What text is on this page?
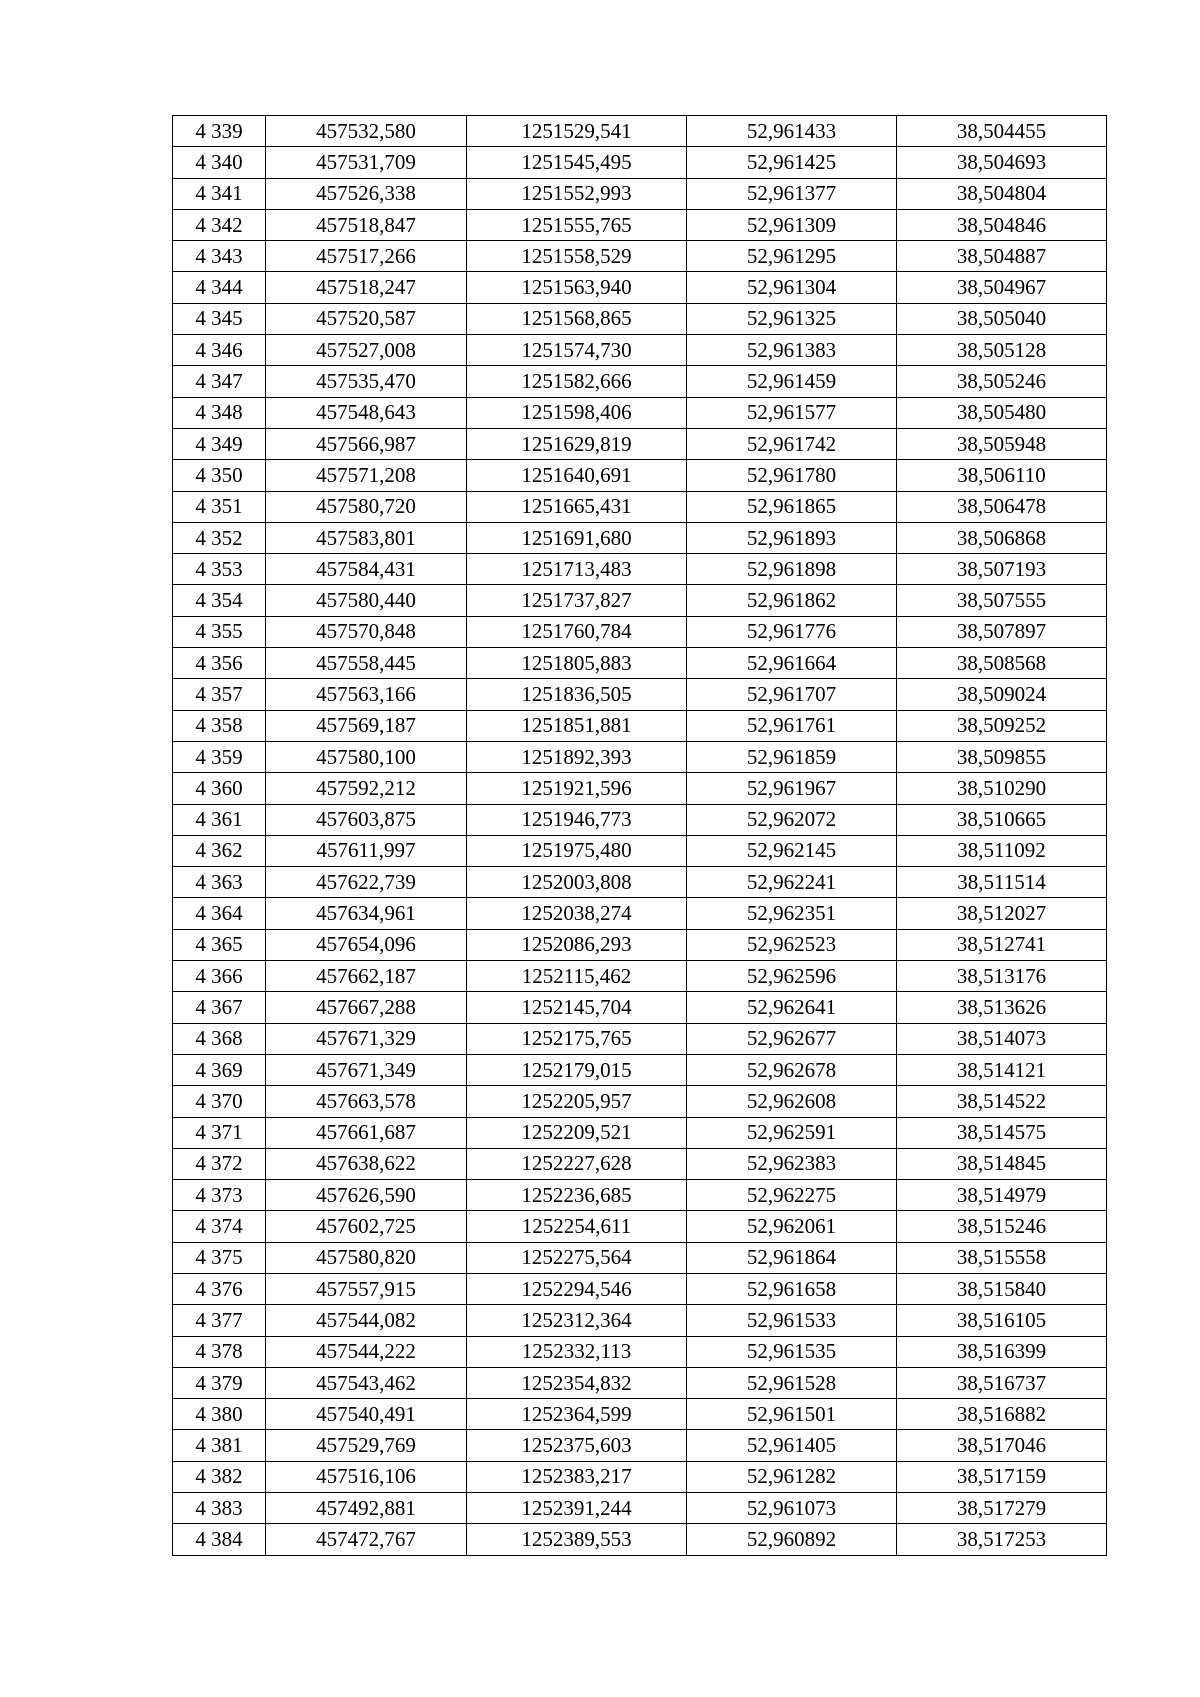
4 339	457532,580	1251529,541	52,961433	38,504455
4 340	457531,709	1251545,495	52,961425	38,504693
4 341	457526,338	1251552,993	52,961377	38,504804
4 342	457518,847	1251555,765	52,961309	38,504846
4 343	457517,266	1251558,529	52,961295	38,504887
4 344	457518,247	1251563,940	52,961304	38,504967
4 345	457520,587	1251568,865	52,961325	38,505040
4 346	457527,008	1251574,730	52,961383	38,505128
4 347	457535,470	1251582,666	52,961459	38,505246
4 348	457548,643	1251598,406	52,961577	38,505480
4 349	457566,987	1251629,819	52,961742	38,505948
4 350	457571,208	1251640,691	52,961780	38,506110
4 351	457580,720	1251665,431	52,961865	38,506478
4 352	457583,801	1251691,680	52,961893	38,506868
4 353	457584,431	1251713,483	52,961898	38,507193
4 354	457580,440	1251737,827	52,961862	38,507555
4 355	457570,848	1251760,784	52,961776	38,507897
4 356	457558,445	1251805,883	52,961664	38,508568
4 357	457563,166	1251836,505	52,961707	38,509024
4 358	457569,187	1251851,881	52,961761	38,509252
4 359	457580,100	1251892,393	52,961859	38,509855
4 360	457592,212	1251921,596	52,961967	38,510290
4 361	457603,875	1251946,773	52,962072	38,510665
4 362	457611,997	1251975,480	52,962145	38,511092
4 363	457622,739	1252003,808	52,962241	38,511514
4 364	457634,961	1252038,274	52,962351	38,512027
4 365	457654,096	1252086,293	52,962523	38,512741
4 366	457662,187	1252115,462	52,962596	38,513176
4 367	457667,288	1252145,704	52,962641	38,513626
4 368	457671,329	1252175,765	52,962677	38,514073
4 369	457671,349	1252179,015	52,962678	38,514121
4 370	457663,578	1252205,957	52,962608	38,514522
4 371	457661,687	1252209,521	52,962591	38,514575
4 372	457638,622	1252227,628	52,962383	38,514845
4 373	457626,590	1252236,685	52,962275	38,514979
4 374	457602,725	1252254,611	52,962061	38,515246
4 375	457580,820	1252275,564	52,961864	38,515558
4 376	457557,915	1252294,546	52,961658	38,515840
4 377	457544,082	1252312,364	52,961533	38,516105
4 378	457544,222	1252332,113	52,961535	38,516399
4 379	457543,462	1252354,832	52,961528	38,516737
4 380	457540,491	1252364,599	52,961501	38,516882
4 381	457529,769	1252375,603	52,961405	38,517046
4 382	457516,106	1252383,217	52,961282	38,517159
4 383	457492,881	1252391,244	52,961073	38,517279
4 384	457472,767	1252389,553	52,960892	38,517253
